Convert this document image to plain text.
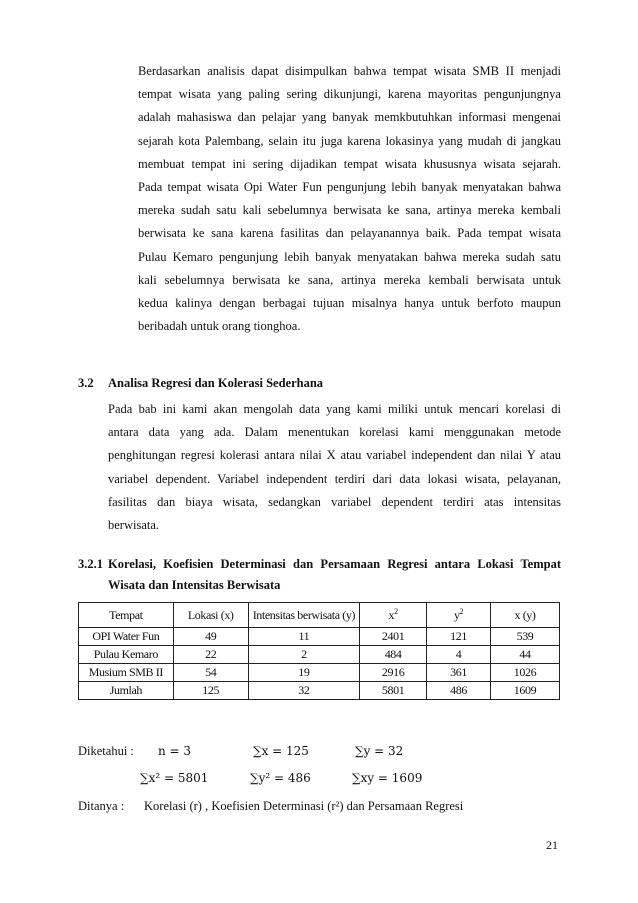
Berdasarkan analisis dapat disimpulkan bahwa tempat wisata SMB II menjadi
tempat wisata yang paling sering dikunjungi, karena mayoritas pengunjungnya
adalah mahasiswa dan pelajar yang banyak memkbutuhkan informasi mengenai
sejarah kota Palembang, selain itu juga karena lokasinya yang mudah di jangkau
membuat tempat ini sering dijadikan tempat wisata khususnya wisata sejarah.
Pada tempat wisata Opi Water Fun pengunjung lebih banyak menyatakan bahwa
mereka sudah satu kali sebelumnya berwisata ke sana, artinya mereka kembali
berwisata ke sana karena fasilitas dan pelayanannya baik. Pada tempat wisata
Pulau Kemaro pengunjung lebih banyak menyatakan bahwa mereka sudah satu
kali sebelumnya berwisata ke sana, artinya mereka kembali berwisata untuk
kedua kalinya dengan berbagai tujuan misalnya hanya untuk berfoto maupun
beribadah untuk orang tionghoa.
3.2 Analisa Regresi dan Kolerasi Sederhana
Pada bab ini kami akan mengolah data yang kami miliki untuk mencari korelasi di
antara data yang ada. Dalam menentukan korelasi kami menggunakan metode
penghitungan regresi kolerasi antara nilai X atau variabel independent dan nilai Y atau
variabel dependent. Variabel independent terdiri dari data lokasi wisata, pelayanan,
fasilitas dan biaya wisata, sedangkan variabel dependent terdiri atas intensitas
berwisata.
3.2.1 Korelasi, Koefisien Determinasi dan Persamaan Regresi antara Lokasi Tempat
Wisata dan Intensitas Berwisata
Tempat	Lokasi (x)	Intensitas berwisata (y)	$x^2$	$y^2$	x (y)
OPI Water Fun	49	11	2401	121	539
Pulau Kemaro	22	2	484	4	44
Musium SMB II	54	19	2916	361	1026
Jumlah	125	32	5801	486	1609
Diketahui : n = 3	∑x = 125	∑y = 32
∑x² = 5801	∑y² = 486	∑xy = 1609
Ditanya : Korelasi (r) , Koefisien Determinasi (r²) dan Persamaan Regresi
21
